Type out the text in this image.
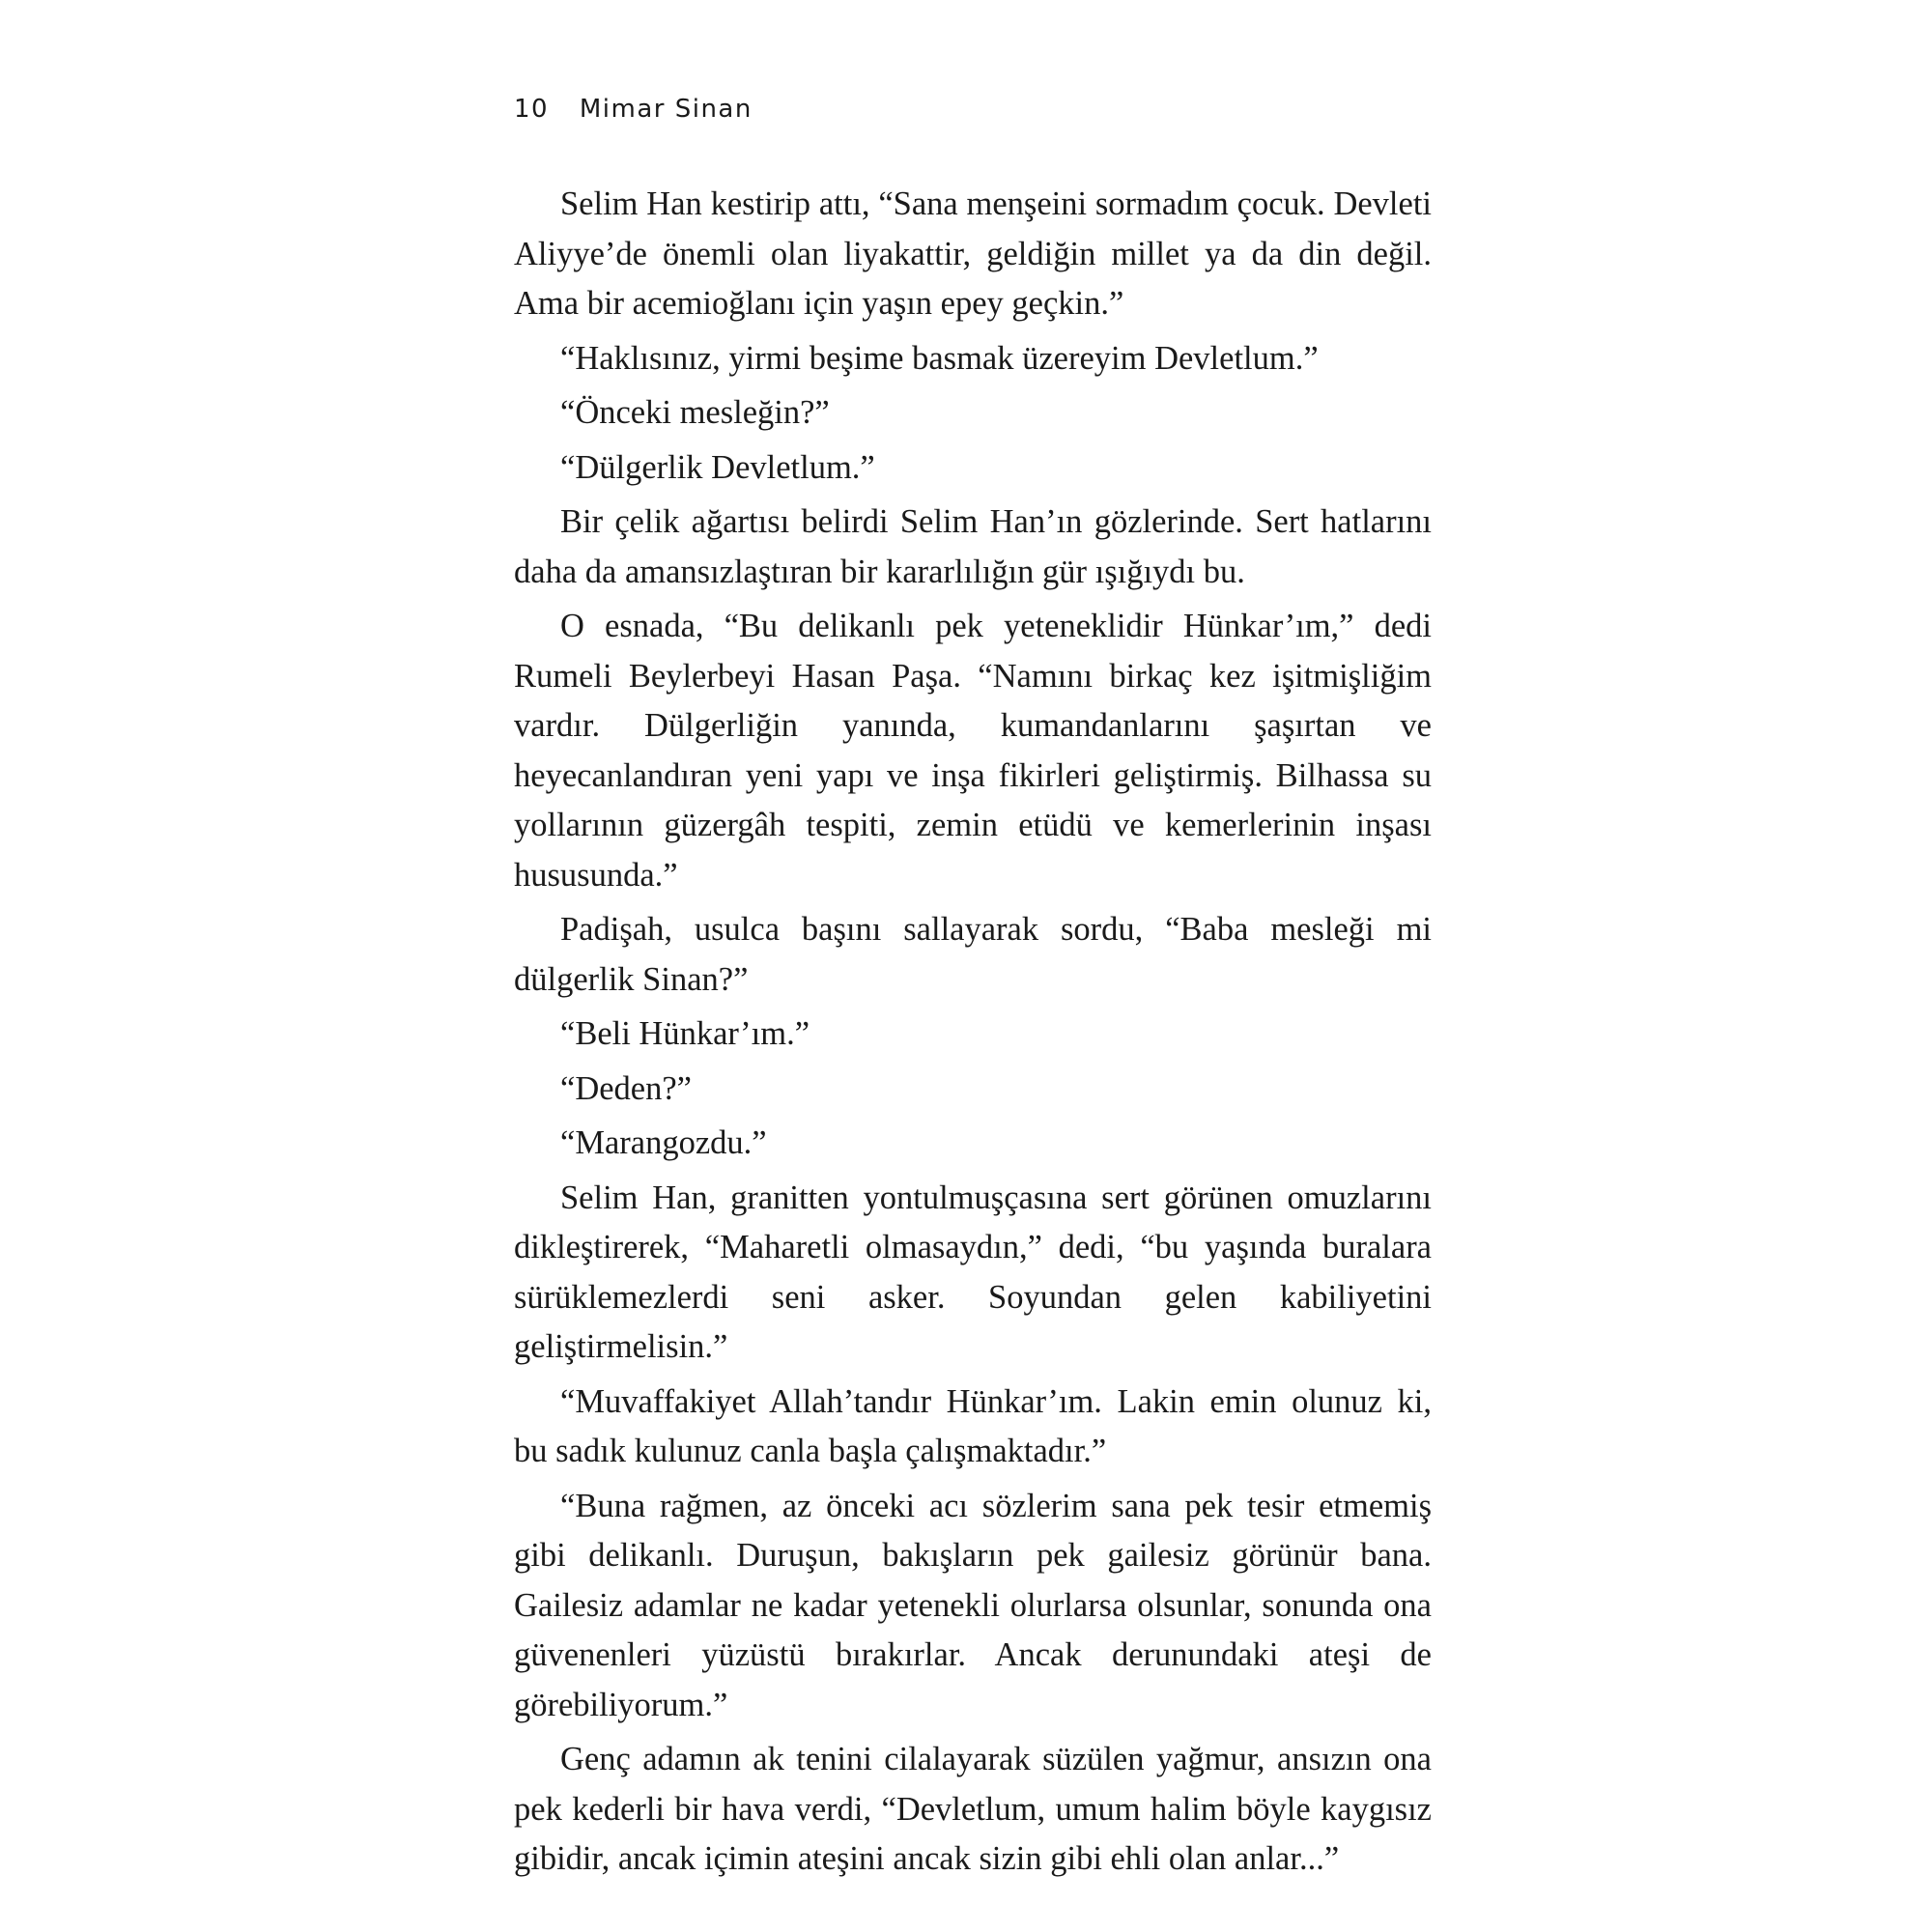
10 Mimar Sinan

Selim Han kestirip attı, “Sana menşeini sormadım çocuk. Devleti Aliyye’de önemli olan liyakattir, geldiğin millet ya da din değil. Ama bir acemioğlanı için yaşın epey geçkin.”

“Haklısınız, yirmi beşime basmak üzereyim Devletlum.”

“Önceki mesleğin?”

“Dülgerlik Devletlum.”

Bir çelik ağartısı belirdi Selim Han’ın gözlerinde. Sert hatlarını daha da amansızlaştıran bir kararlılığın gür ışığıydı bu.

O esnada, “Bu delikanlı pek yeteneklidir Hünkar’ım,” dedi Rumeli Beylerbeyi Hasan Paşa. “Namını birkaç kez işitmişliğim vardır. Dülgerliğin yanında, kumandanlarını şaşırtan ve heyecanlandıran yeni yapı ve inşa fikirleri geliştirmiş. Bilhassa su yollarının güzergâh tespiti, zemin etüdü ve kemerlerinin inşası hususunda.”

Padişah, usulca başını sallayarak sordu, “Baba mesleği mi dülgerlik Sinan?”

“Beli Hünkar’ım.”

“Deden?”

“Marangozdu.”

Selim Han, granitten yontulmuşçasına sert görünen omuzlarını dikleştirerek, “Maharetli olmasaydın,” dedi, “bu yaşında buralara sürüklemezlerdi seni asker. Soyundan gelen kabiliyetini geliştirmelisin.”

“Muvaffakiyet Allah’tandır Hünkar’ım. Lakin emin olunuz ki, bu sadık kulunuz canla başla çalışmaktadır.”

“Buna rağmen, az önceki acı sözlerim sana pek tesir etmemiş gibi delikanlı. Duruşun, bakışların pek gailesiz görünür bana. Gailesiz adamlar ne kadar yetenekli olurlarsa olsunlar, sonunda ona güvenenleri yüzüstü bırakırlar. Ancak derunundaki ateşi de görebiliyorum.”

Genç adamın ak tenini cilalayarak süzülen yağmur, ansızın ona pek kederli bir hava verdi, “Devletlum, umum halim böyle kaygısız gibidir, ancak içimin ateşini ancak sizin gibi ehli olan anlar...”
